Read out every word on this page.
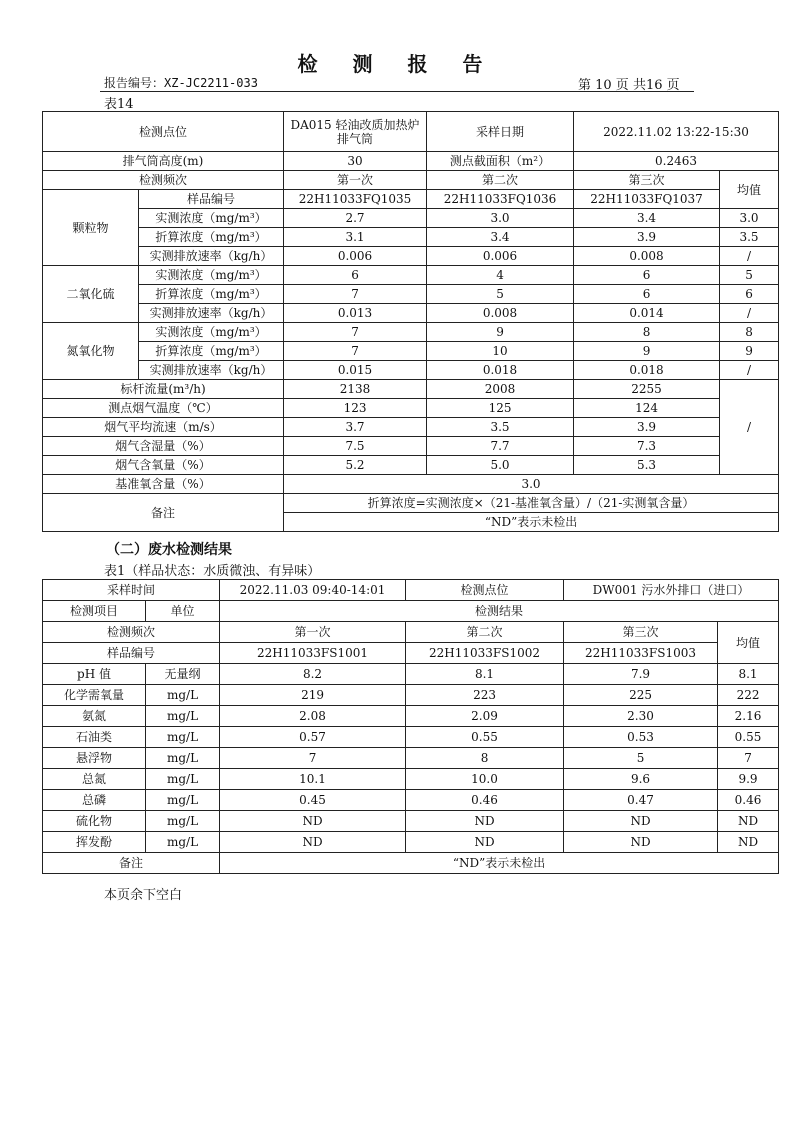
检 测 报 告
报告编号：XZ-JC2211-033	第 10 页 共16 页
表14
检测点位		DA015 轻油改质加热炉排气筒	采样日期	2022.11.02 13:22-15:30	
排气筒高度(m)		30	测点截面积（m²）	0.2463	
检测频次		第一次	第二次	第三次	均值
颗粒物	样品编号	22H11033FQ1035	22H11033FQ1036	22H11033FQ1037	
	实测浓度（mg/m³）	2.7	3.0	3.4	3.0
	折算浓度（mg/m³）	3.1	3.4	3.9	3.5
	实测排放速率（kg/h）	0.006	0.006	0.008	/
二氧化硫	实测浓度（mg/m³）	6	4	6	5
	折算浓度（mg/m³）	7	5	6	6
	实测排放速率（kg/h）	0.013	0.008	0.014	/
氮氧化物	实测浓度（mg/m³）	7	9	8	8
	折算浓度（mg/m³）	7	10	9	9
	实测排放速率（kg/h）	0.015	0.018	0.018	/
标杆流量(m³/h)		2138	2008	2255	/
测点烟气温度（℃）		123	125	124	
烟气平均流速（m/s）		3.7	3.5	3.9	
烟气含湿量（%）		7.5	7.7	7.3	
烟气含氧量（%）		5.2	5.0	5.3	
基准氧含量（%）		3.0			
备注		折算浓度=实测浓度×（21-基准氧含量）/（21-实测氧含量）			
		“ND”表示未检出			
（二）废水检测结果
表1（样品状态：水质微浊、有异味）
采样时间		2022.11.03 09:40-14:01	检测点位	DW001 污水外排口（进口）	
检测项目	单位	检测结果			
检测频次		第一次	第二次	第三次	均值
样品编号		22H11033FS1001	22H11033FS1002	22H11033FS1003	
pH 值	无量纲	8.2	8.1	7.9	8.1
化学需氧量	mg/L	219	223	225	222
氨氮	mg/L	2.08	2.09	2.30	2.16
石油类	mg/L	0.57	0.55	0.53	0.55
悬浮物	mg/L	7	8	5	7
总氮	mg/L	10.1	10.0	9.6	9.9
总磷	mg/L	0.45	0.46	0.47	0.46
硫化物	mg/L	ND	ND	ND	ND
挥发酚	mg/L	ND	ND	ND	ND
备注		“ND”表示未检出			
本页余下空白
